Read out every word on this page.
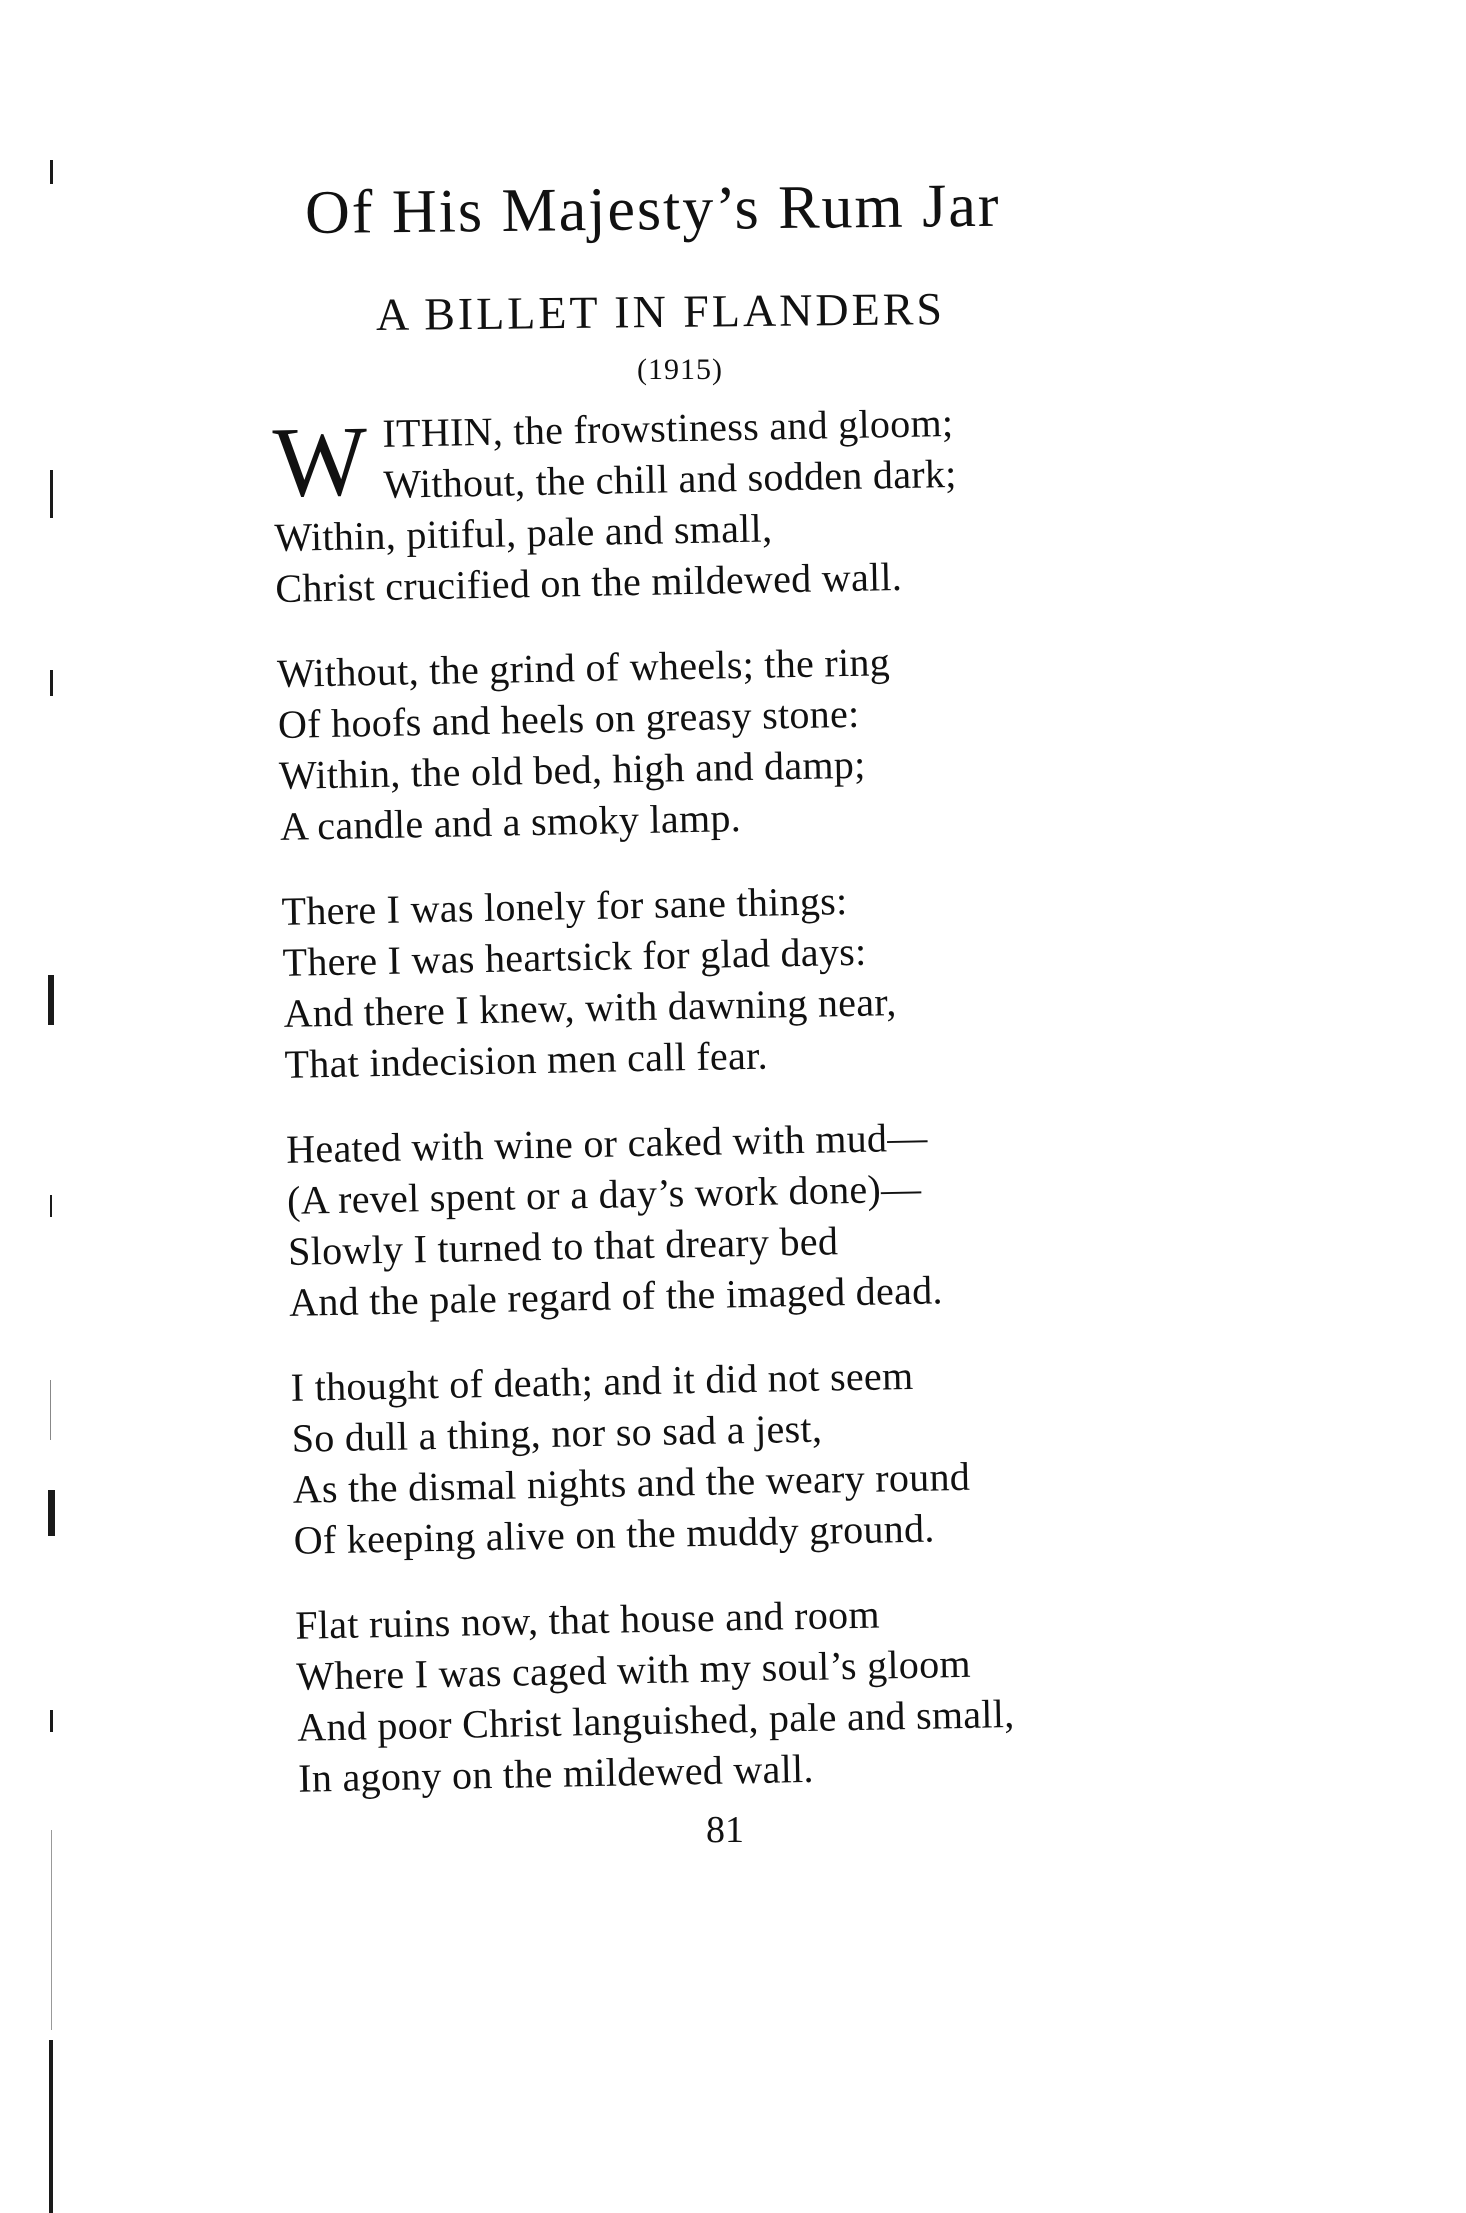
Of His Majesty’s Rum Jar
A BILLET IN FLANDERS
(1915)
W ITHIN, the frowstiness and gloom;
Without, the chill and sodden dark;
Within, pitiful, pale and small,
Christ crucified on the mildewed wall.
Without, the grind of wheels; the ring
Of hoofs and heels on greasy stone:
Within, the old bed, high and damp;
A candle and a smoky lamp.
There I was lonely for sane things:
There I was heartsick for glad days:
And there I knew, with dawning near,
That indecision men call fear.
Heated with wine or caked with mud—
(A revel spent or a day’s work done)—
Slowly I turned to that dreary bed
And the pale regard of the imaged dead.
I thought of death; and it did not seem
So dull a thing, nor so sad a jest,
As the dismal nights and the weary round
Of keeping alive on the muddy ground.
Flat ruins now, that house and room
Where I was caged with my soul’s gloom
And poor Christ languished, pale and small,
In agony on the mildewed wall.
81
